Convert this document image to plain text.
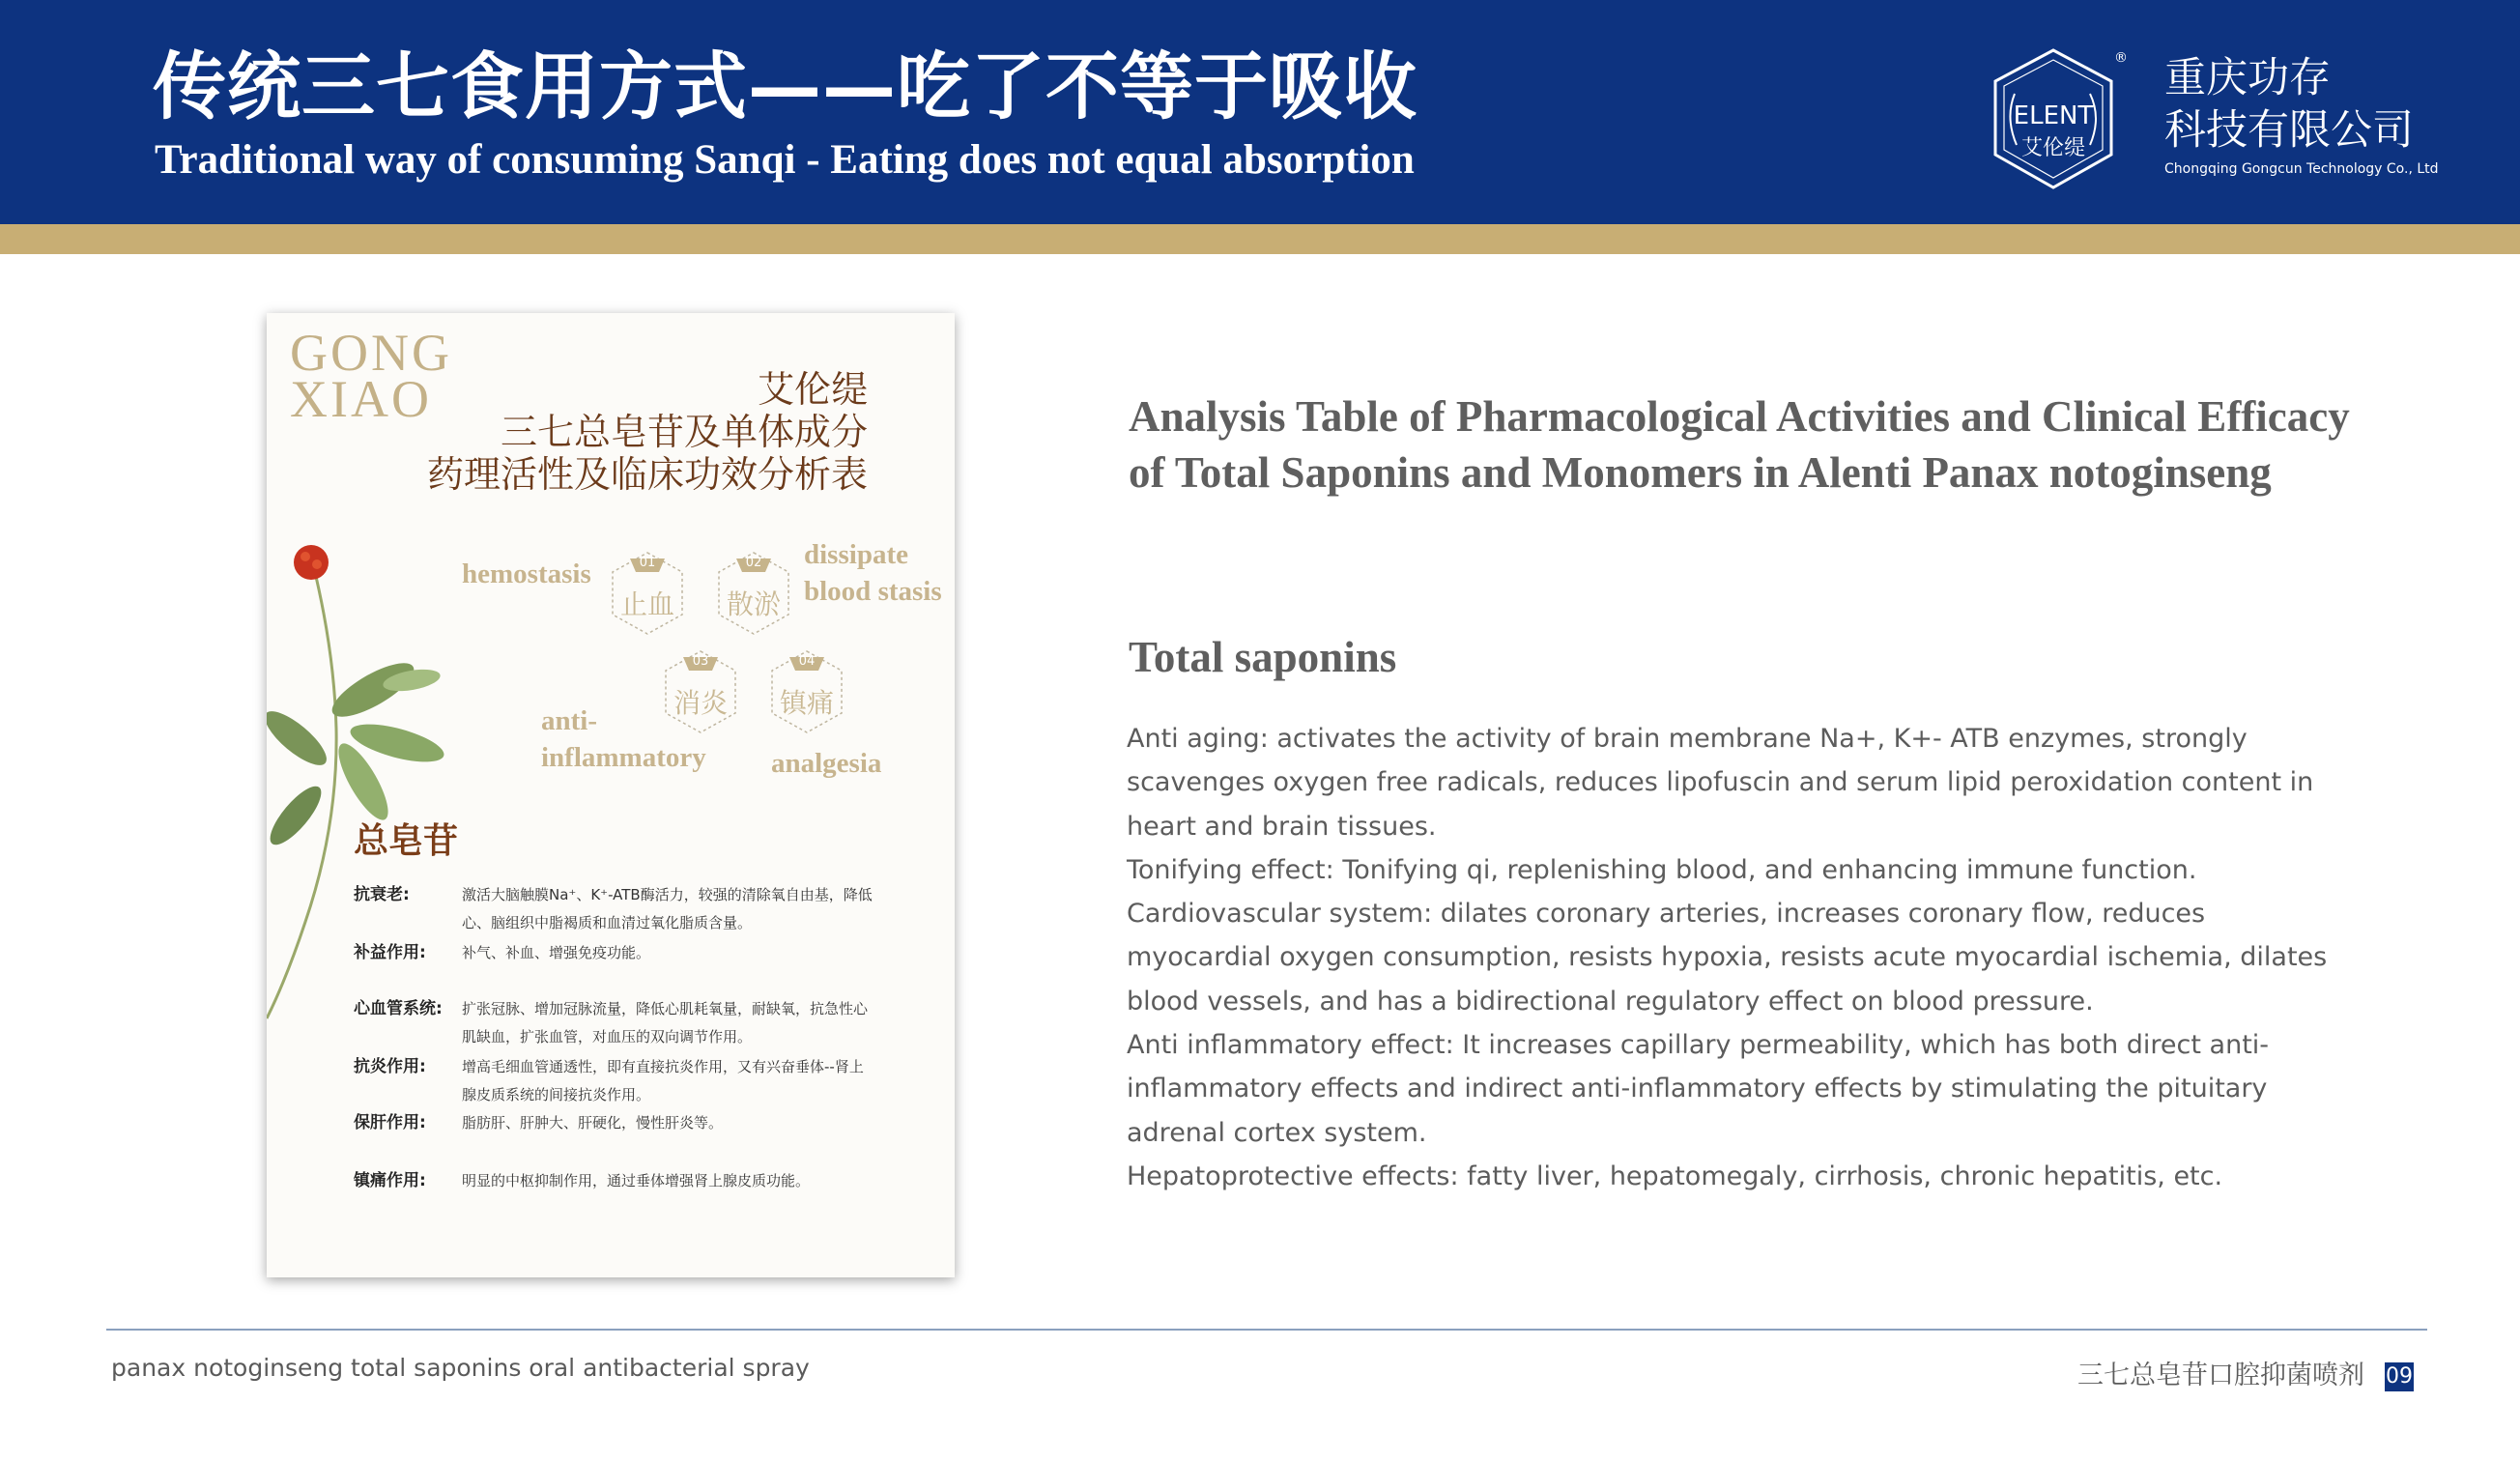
传统三七食用方式——吃了不等于吸收
Traditional way of consuming Sanqi - Eating does not equal absorption
ELENT
艾伦缇
® 重庆功存
科技有限公司
Chongqing Gongcun Technology Co., Ltd
GONG
XIAO	艾伦缇
三七总皂苷及单体成分
药理活性及临床功效分析表
hemostasis
dissipate
blood stasis
anti-
inflammatory analgesia
01
止血
02
散淤
03
消炎
04
镇痛
总皂苷
抗衰老:	激活大脑触膜Na⁺、K⁺-ATB酶活力，较强的清除氧自由基，降低心、脑组织中脂褐质和血清过氧化脂质含量。
补益作用: 补气、补血、增强免疫功能。
心血管系统: 扩张冠脉、增加冠脉流量，降低心肌耗氧量，耐缺氧，抗急性心肌缺血，扩张血管，对血压的双向调节作用。
抗炎作用: 增高毛细血管通透性，即有直接抗炎作用，又有兴奋垂体--肾上腺皮质系统的间接抗炎作用。
保肝作用: 脂肪肝、肝肿大、肝硬化，慢性肝炎等。
镇痛作用: 明显的中枢抑制作用，通过垂体增强肾上腺皮质功能。
Analysis Table of Pharmacological Activities and Clinical Efficacy of Total Saponins and Monomers in Alenti Panax notoginseng
Total saponins

Anti aging: activates the activity of brain membrane Na+, K+- ATB enzymes, strongly scavenges oxygen free radicals, reduces lipofuscin and serum lipid peroxidation content in heart and brain tissues.

Tonifying effect: Tonifying qi, replenishing blood, and enhancing immune function.

Cardiovascular system: dilates coronary arteries, increases coronary flow, reduces myocardial oxygen consumption, resists hypoxia, resists acute myocardial ischemia, dilates blood vessels, and has a bidirectional regulatory effect on blood pressure.

Anti inflammatory effect: It increases capillary permeability, which has both direct anti-inflammatory effects and indirect anti-inflammatory effects by stimulating the pituitary adrenal cortex system.

Hepatoprotective effects: fatty liver, hepatomegaly, cirrhosis, chronic hepatitis, etc.

panax notoginseng total saponins oral antibacterial spray	三七总皂苷口腔抑菌喷剂 09
